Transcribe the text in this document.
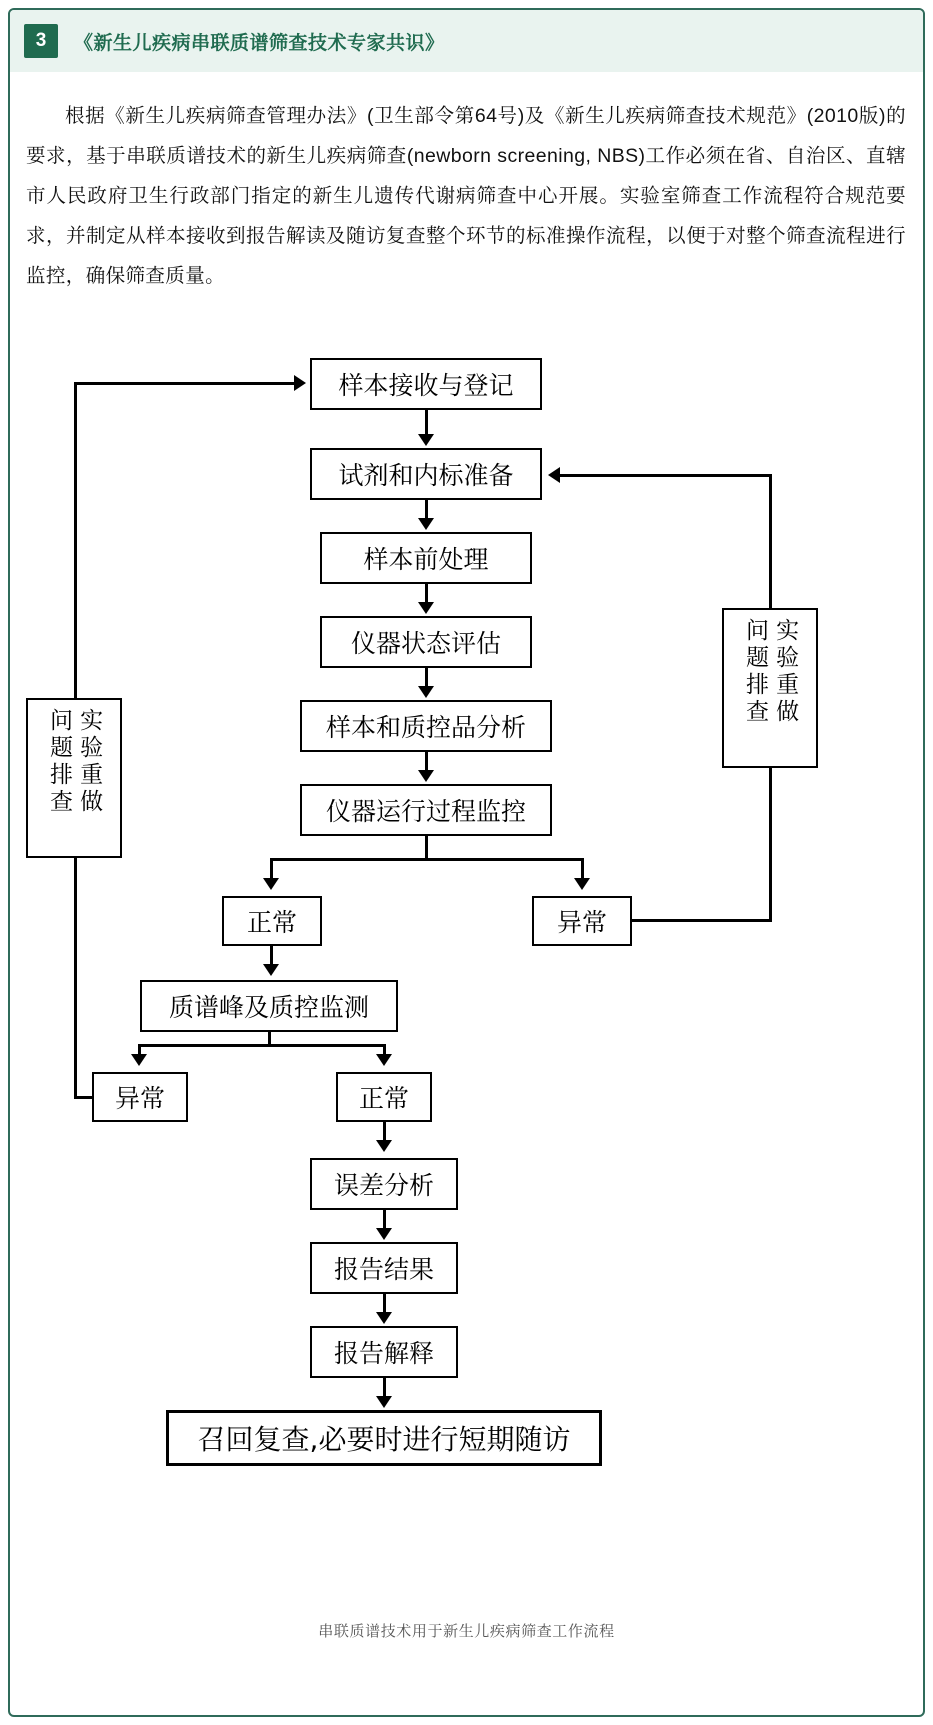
3	《新生儿疾病串联质谱筛查技术专家共识》
根据《新生儿疾病筛查管理办法》(卫生部令第64号)及《新生儿疾病筛查技术规范》(2010版)的要求，基于串联质谱技术的新生儿疾病筛查(newborn screening, NBS)工作必须在省、自治区、直辖市人民政府卫生行政部门指定的新生儿遗传代谢病筛查中心开展。实验室筛查工作流程符合规范要求，并制定从样本接收到报告解读及随访复查整个环节的标准操作流程，以便于对整个筛查流程进行监控，确保筛查质量。
样本接收与登记
试剂和内标准备
样本前处理
仪器状态评估
样本和质控品分析
仪器运行过程监控
正常	异常
质谱峰及质控监测
异常	正常
误差分析
报告结果
报告解释
召回复查,必要时进行短期随访
问题排查 实验重做
问题排查 实验重做
串联质谱技术用于新生儿疾病筛查工作流程
